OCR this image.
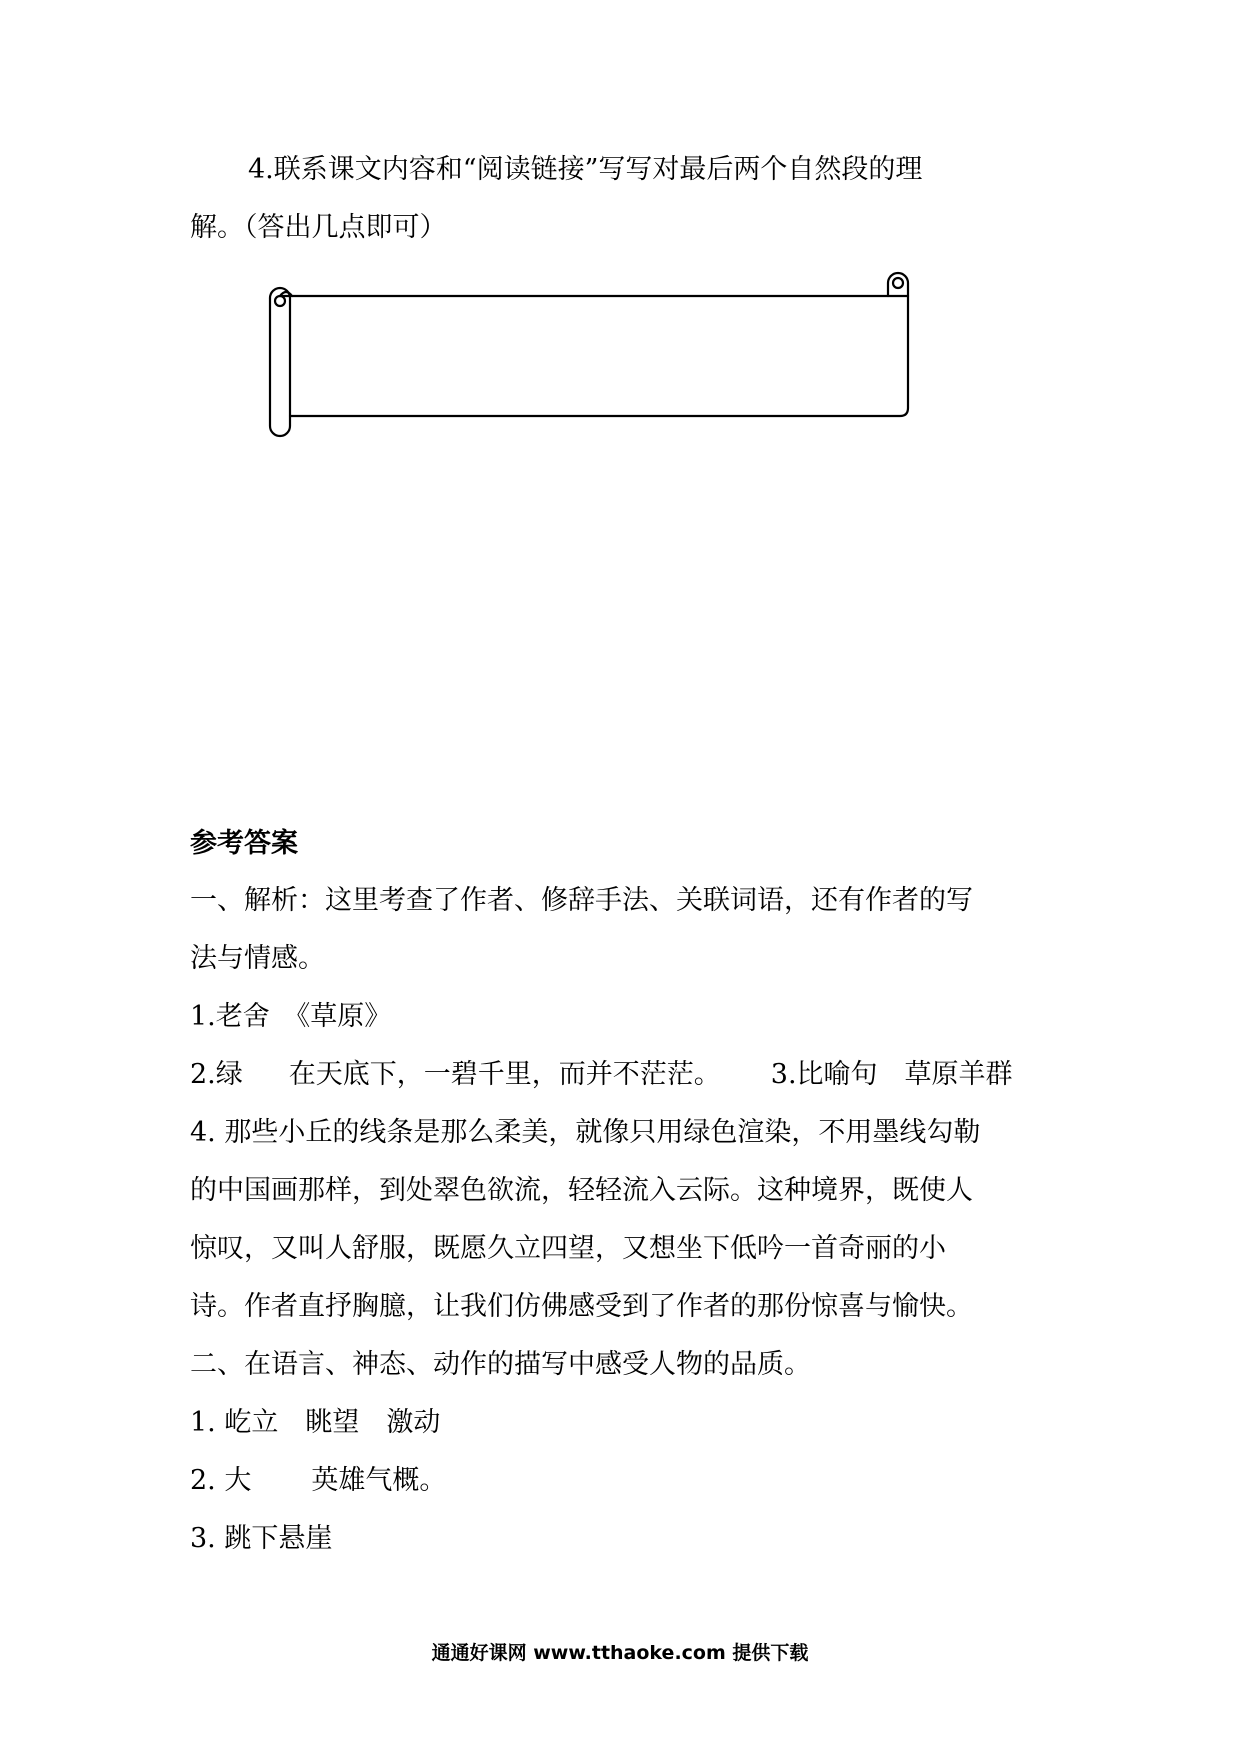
4.联系课文内容和“阅读链接”写写对最后两个自然段的理
解。（答出几点即可）
参考答案
一、解析：这里考查了作者、修辞手法、关联词语，还有作者的写
法与情感。
1.老舍　《草原》
2.绿 在天底下，一碧千里，而并不茫茫。 3.比喻句　草原羊群
4. 那些小丘的线条是那么柔美，就像只用绿色渲染，不用墨线勾勒
的中国画那样，到处翠色欲流，轻轻流入云际。这种境界，既使人
惊叹，又叫人舒服，既愿久立四望，又想坐下低吟一首奇丽的小
诗。作者直抒胸臆，让我们仿佛感受到了作者的那份惊喜与愉快。
二、在语言、神态、动作的描写中感受人物的品质。
1. 屹立　眺望　激动
2. 大 英雄气概。
3. 跳下悬崖
通通好课网 www.tthaoke.com 提供下载
